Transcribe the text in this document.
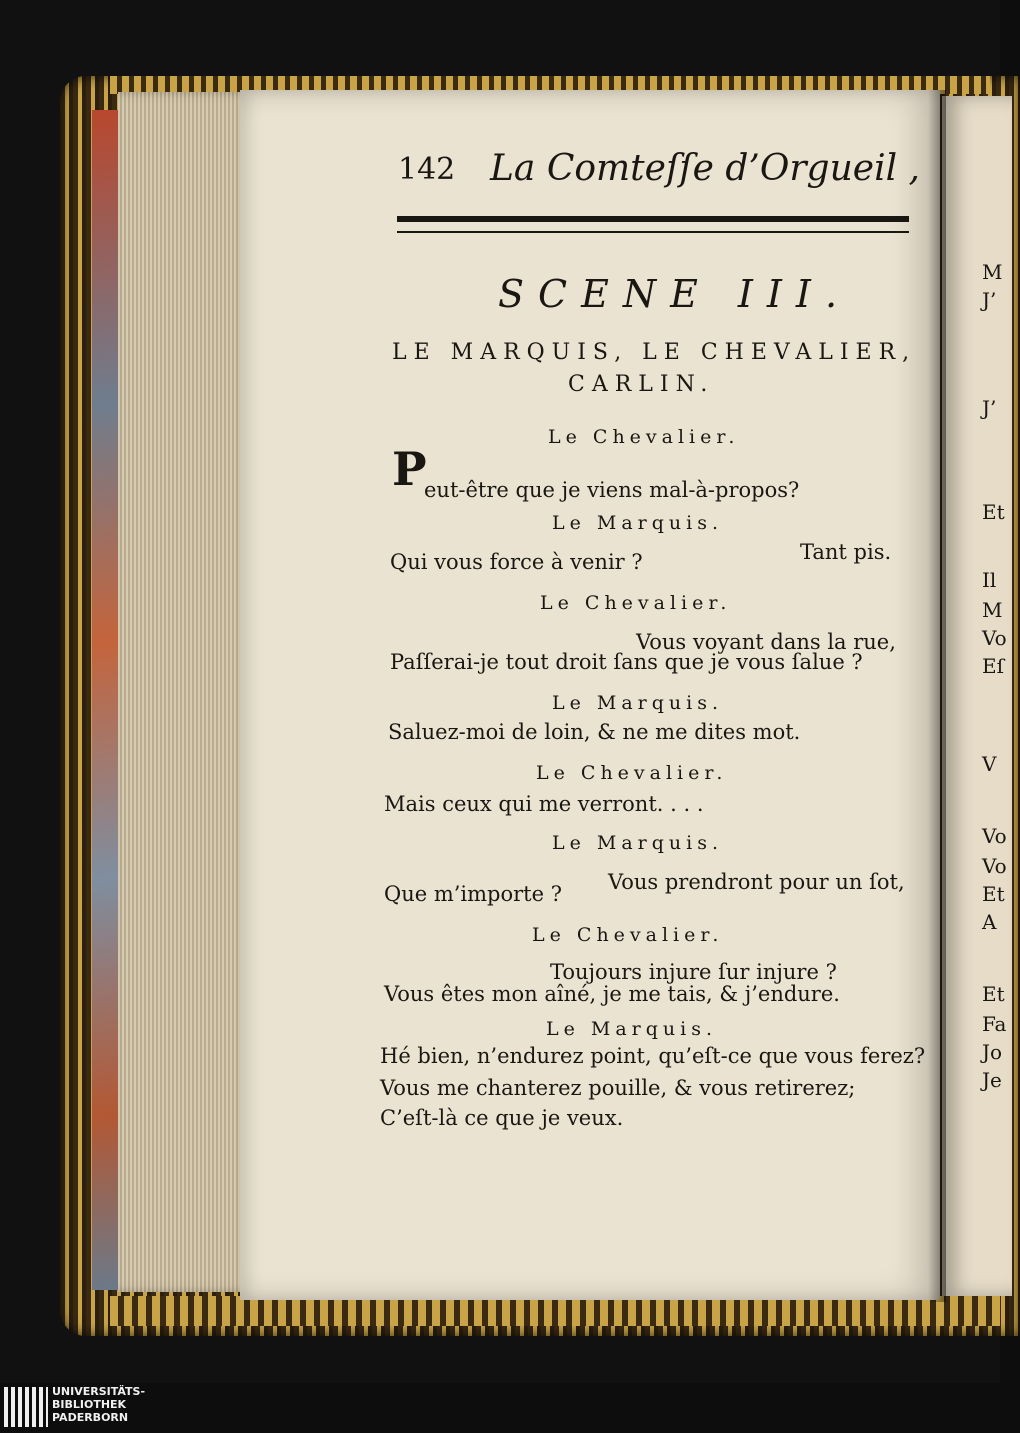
142 La Comteſſe d’Orgueil ,
SCENE III.
LE MARQUIS, LE CHEVALIER,
CARLIN.
Le Chevalier.
P
eut-être que je viens mal-à-propos?
Le Marquis.
Tant pis.
Qui vous force à venir ?
Le Chevalier.
Vous voyant dans la rue,
Paſſerai-je tout droit ſans que je vous ſalue ?
Le Marquis.
Saluez-moi de loin, & ne me dites mot.
Le Chevalier.
Mais ceux qui me verront. . . .
Le Marquis.
Vous prendront pour un ſot,
Que m’importe ?
Le Chevalier.
Toujours injure ſur injure ?
Vous êtes mon aîné, je me tais, & j’endure.
Le Marquis.
Hé bien, n’endurez point, qu’eſt-ce que vous ferez?
Vous me chanterez pouille, & vous retirerez;
C’eſt-là ce que je veux.
M
J’
J’
Et
Il
M
Vo
Eſ
V
Vo
Vo
Et
A
Et
Fa
Jo
Je
UNIVERSITÄTS-
BIBLIOTHEK
PADERBORN
